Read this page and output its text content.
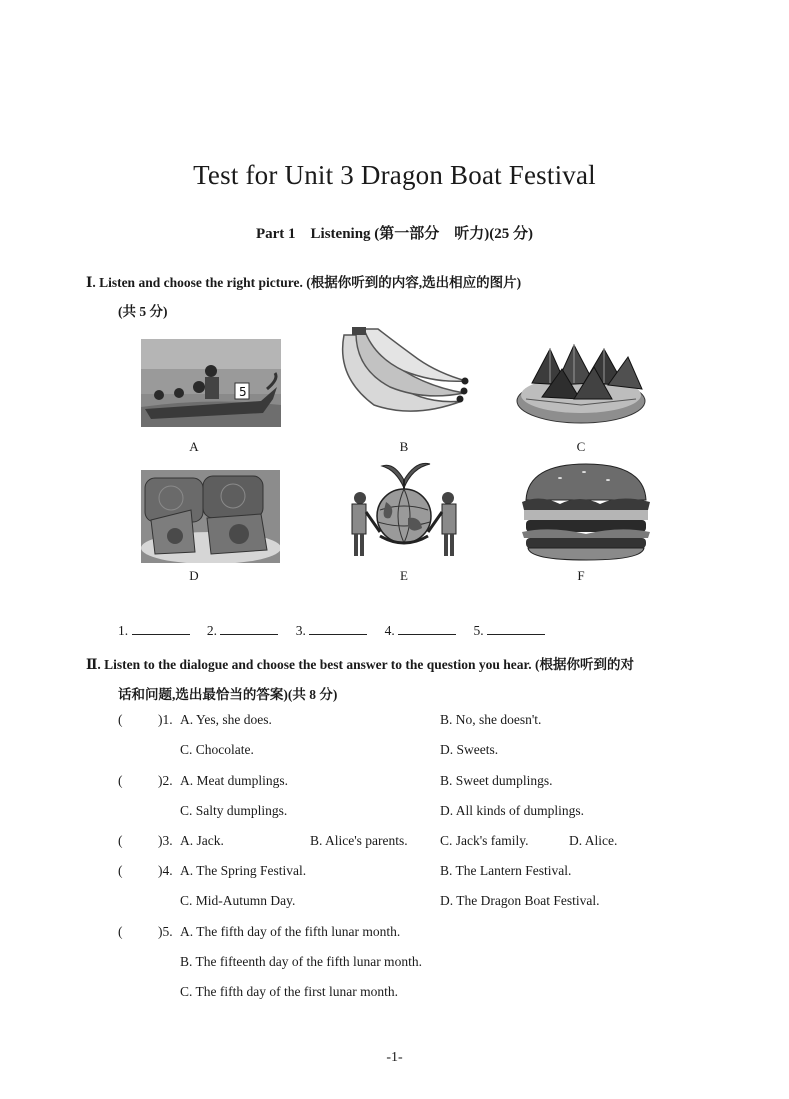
Test for Unit 3 Dragon Boat Festival
Part 1　Listening (第一部分　听力)(25 分)
Ⅰ. Listen and choose the right picture. (根据你听到的内容,选出相应的图片)
(共 5 分)
5
A	B	C
D	E	F
1.	2.	3.	4.	5.
Ⅱ. Listen to the dialogue and choose the best answer to the question you hear. (根据你听到的对
话和问题,选出最恰当的答案)(共 8 分)
(	)1. A. Yes, she does.	B. No, she doesn't.
C. Chocolate.	D. Sweets.
(	)2. A. Meat dumplings.	B. Sweet dumplings.
C. Salty dumplings.	D. All kinds of dumplings.
(	)3. A. Jack.	B. Alice's parents. C. Jack's family.	D. Alice.
(	)4. A. The Spring Festival.	B. The Lantern Festival.
C. Mid-Autumn Day.	D. The Dragon Boat Festival.
(	)5. A. The fifth day of the fifth lunar month.
B. The fifteenth day of the fifth lunar month.
C. The fifth day of the first lunar month.
-1-
